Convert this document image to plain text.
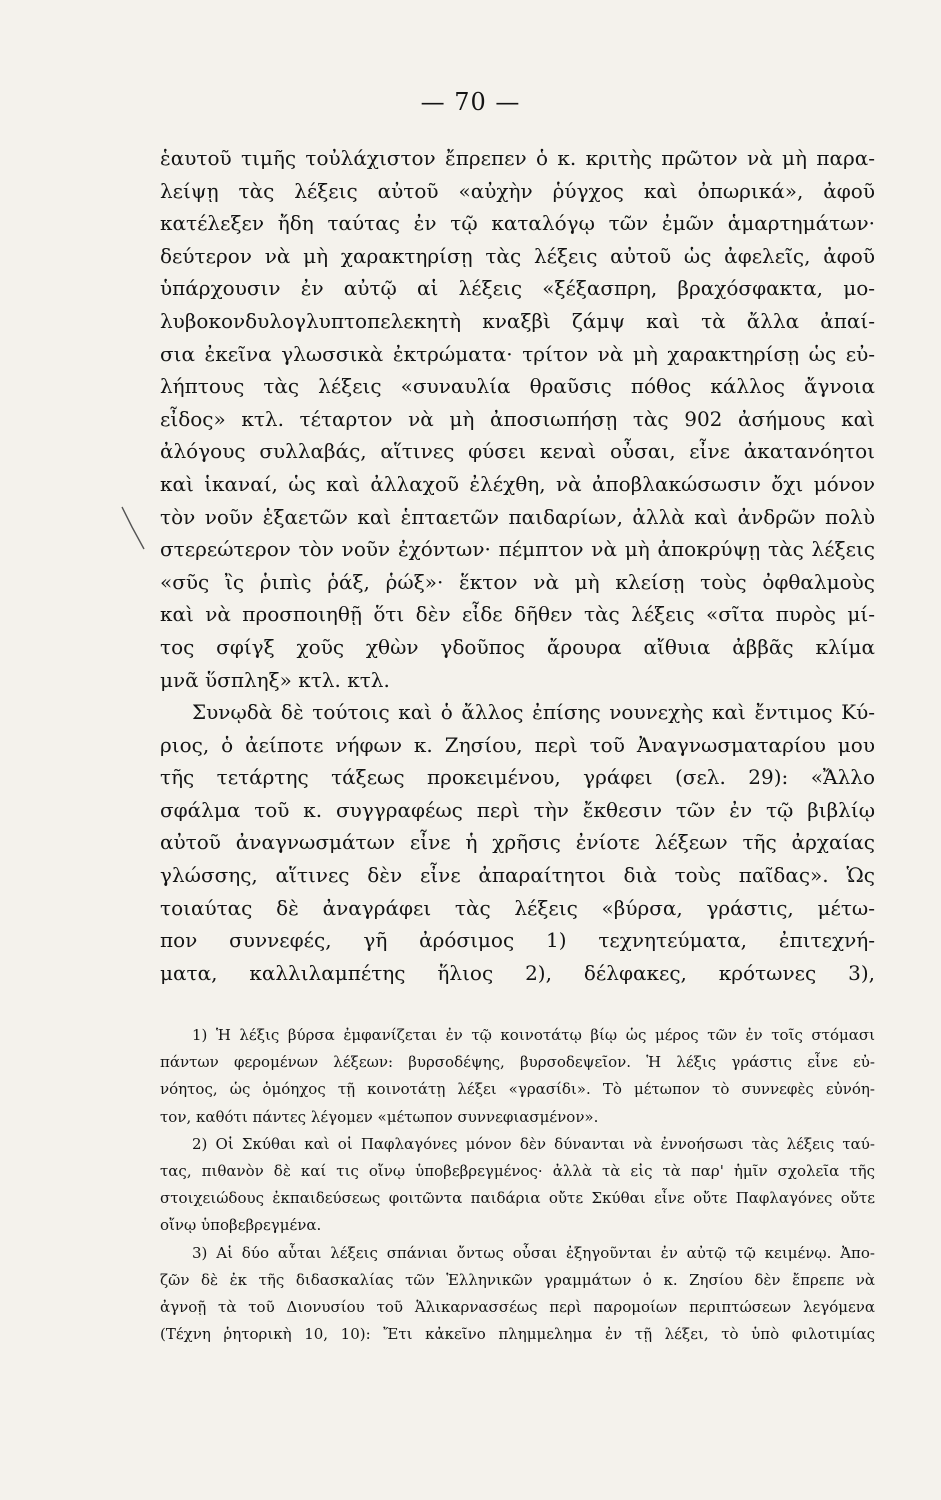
— 70 —
ἑαυτοῦ τιμῆς τοὐλάχιστον ἔπρεπεν ὁ κ. κριτὴς πρῶτον νὰ μὴ παρα-
λείψῃ τὰς λέξεις αὐτοῦ «αὐχὴν ῥύγχος καὶ ὀπωρικά», ἀφοῦ
κατέλεξεν ἤδη ταύτας ἐν τῷ καταλόγῳ τῶν ἐμῶν ἁμαρτημάτων·
δεύτερον νὰ μὴ χαρακτηρίσῃ τὰς λέξεις αὐτοῦ ὡς ἀφελεῖς, ἀφοῦ
ὑπάρχουσιν ἐν αὐτῷ αἱ λέξεις «ξέξασπρη, βραχόσφακτα, μο-
λυβοκονδυλογλυπτοπελεκητὴ κναξβὶ ζάμψ καὶ τὰ ἄλλα ἀπαί-
σια ἐκεῖνα γλωσσικὰ ἐκτρώματα· τρίτον νὰ μὴ χαρακτηρίσῃ ὡς εὐ-
λήπτους τὰς λέξεις «συναυλία θραῦσις πόθος κάλλος ἄγνοια
εἶδος» κτλ. τέταρτον νὰ μὴ ἀποσιωπήσῃ τὰς 902 ἀσήμους καὶ
ἀλόγους συλλαβάς, αἵτινες φύσει κεναὶ οὖσαι, εἶνε ἀκατανόητοι
καὶ ἱκαναί, ὡς καὶ ἀλλαχοῦ ἐλέχθη, νὰ ἀποβλακώσωσιν ὄχι μόνον
τὸν νοῦν ἑξαετῶν καὶ ἑπταετῶν παιδαρίων, ἀλλὰ καὶ ἀνδρῶν πολὺ
στερεώτερον τὸν νοῦν ἐχόντων· πέμπτον νὰ μὴ ἀποκρύψῃ τὰς λέξεις
«σῦς ἲς ῥιπὶς ῥάξ, ῥώξ»· ἕκτον νὰ μὴ κλείσῃ τοὺς ὀφθαλμοὺς
καὶ νὰ προσποιηθῇ ὅτι δὲν εἶδε δῆθεν τὰς λέξεις «σῖτα πυρὸς μί-
τος σφίγξ χοῦς χθὼν γδοῦπος ἄρουρα αἴθυια ἀββᾶς κλίμα
μνᾶ ὕσπληξ» κτλ. κτλ.
Συνῳδὰ δὲ τούτοις καὶ ὁ ἄλλος ἐπίσης νουνεχὴς καὶ ἔντιμος Κύ-
ριος, ὁ ἀείποτε νήφων κ. Ζησίου, περὶ τοῦ Ἀναγνωσματαρίου μου
τῆς τετάρτης τάξεως προκειμένου, γράφει (σελ. 29): «Ἄλλο
σφάλμα τοῦ κ. συγγραφέως περὶ τὴν ἔκθεσιν τῶν ἐν τῷ βιβλίῳ
αὐτοῦ ἀναγνωσμάτων εἶνε ἡ χρῆσις ἐνίοτε λέξεων τῆς ἀρχαίας
γλώσσης, αἵτινες δὲν εἶνε ἀπαραίτητοι διὰ τοὺς παῖδας». Ὡς
τοιαύτας δὲ ἀναγράφει τὰς λέξεις «βύρσα, γράστις, μέτω-
πον συννεφές, γῆ ἀρόσιμος 1) τεχνητεύματα, ἐπιτεχνή-
ματα, καλλιλαμπέτης ἥλιος 2), δέλφακες, κρότωνες 3),
1) Ἡ λέξις βύρσα ἐμφανίζεται ἐν τῷ κοινοτάτῳ βίῳ ὡς μέρος τῶν ἐν τοῖς στόμασι
πάντων φερομένων λέξεων: βυρσοδέψης, βυρσοδεψεῖον. Ἡ λέξις γράστις εἶνε εὐ-
νόητος, ὡς ὁμόηχος τῇ κοινοτάτῃ λέξει «γρασίδι». Τὸ μέτωπον τὸ συννεφὲς εὐνόη-
τον, καθότι πάντες λέγομεν «μέτωπον συννεφιασμένον».
2) Οἱ Σκύθαι καὶ οἱ Παφλαγόνες μόνον δὲν δύνανται νὰ ἐννοήσωσι τὰς λέξεις ταύ-
τας, πιθανὸν δὲ καί τις οἴνῳ ὑποβεβρεγμένος· ἀλλὰ τὰ εἰς τὰ παρ' ἡμῖν σχολεῖα τῆς
στοιχειώδους ἐκπαιδεύσεως φοιτῶντα παιδάρια οὔτε Σκύθαι εἶνε οὔτε Παφλαγόνες οὔτε
οἴνῳ ὑποβεβρεγμένα.
3) Αἱ δύο αὗται λέξεις σπάνιαι ὄντως οὖσαι ἐξηγοῦνται ἐν αὐτῷ τῷ κειμένῳ. Ἀπο-
ζῶν δὲ ἐκ τῆς διδασκαλίας τῶν Ἑλληνικῶν γραμμάτων ὁ κ. Ζησίου δὲν ἔπρεπε νὰ
ἀγνοῇ τὰ τοῦ Διονυσίου τοῦ Ἁλικαρνασσέως περὶ παρομοίων περιπτώσεων λεγόμενα
(Τέχνη ῥητορικὴ 10, 10): Ἔτι κἀκεῖνο πλημμελημα ἐν τῇ λέξει, τὸ ὑπὸ φιλοτιμίας
